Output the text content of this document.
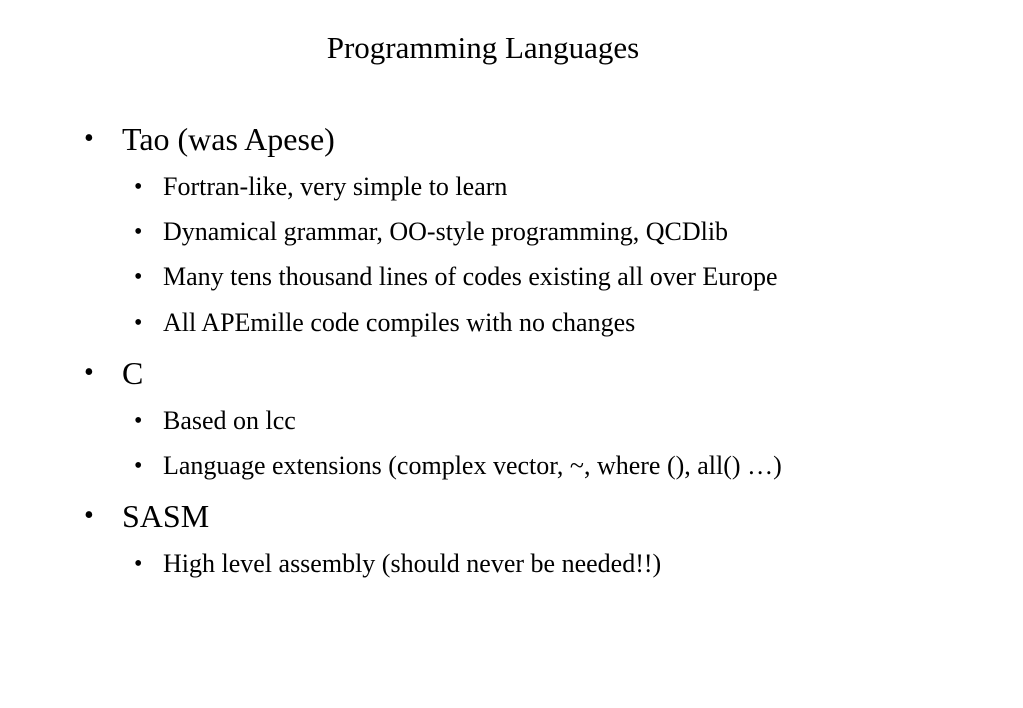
Programming Languages
• Tao (was Apese)
• Fortran-like, very simple to learn
• Dynamical grammar, OO-style programming, QCDlib
• Many tens thousand lines of codes existing all over Europe
• All APEmille code compiles with no changes
• C
• Based on lcc
• Language extensions (complex vector, ~, where (), all() …)
• SASM
• High level assembly (should never be needed!!)
